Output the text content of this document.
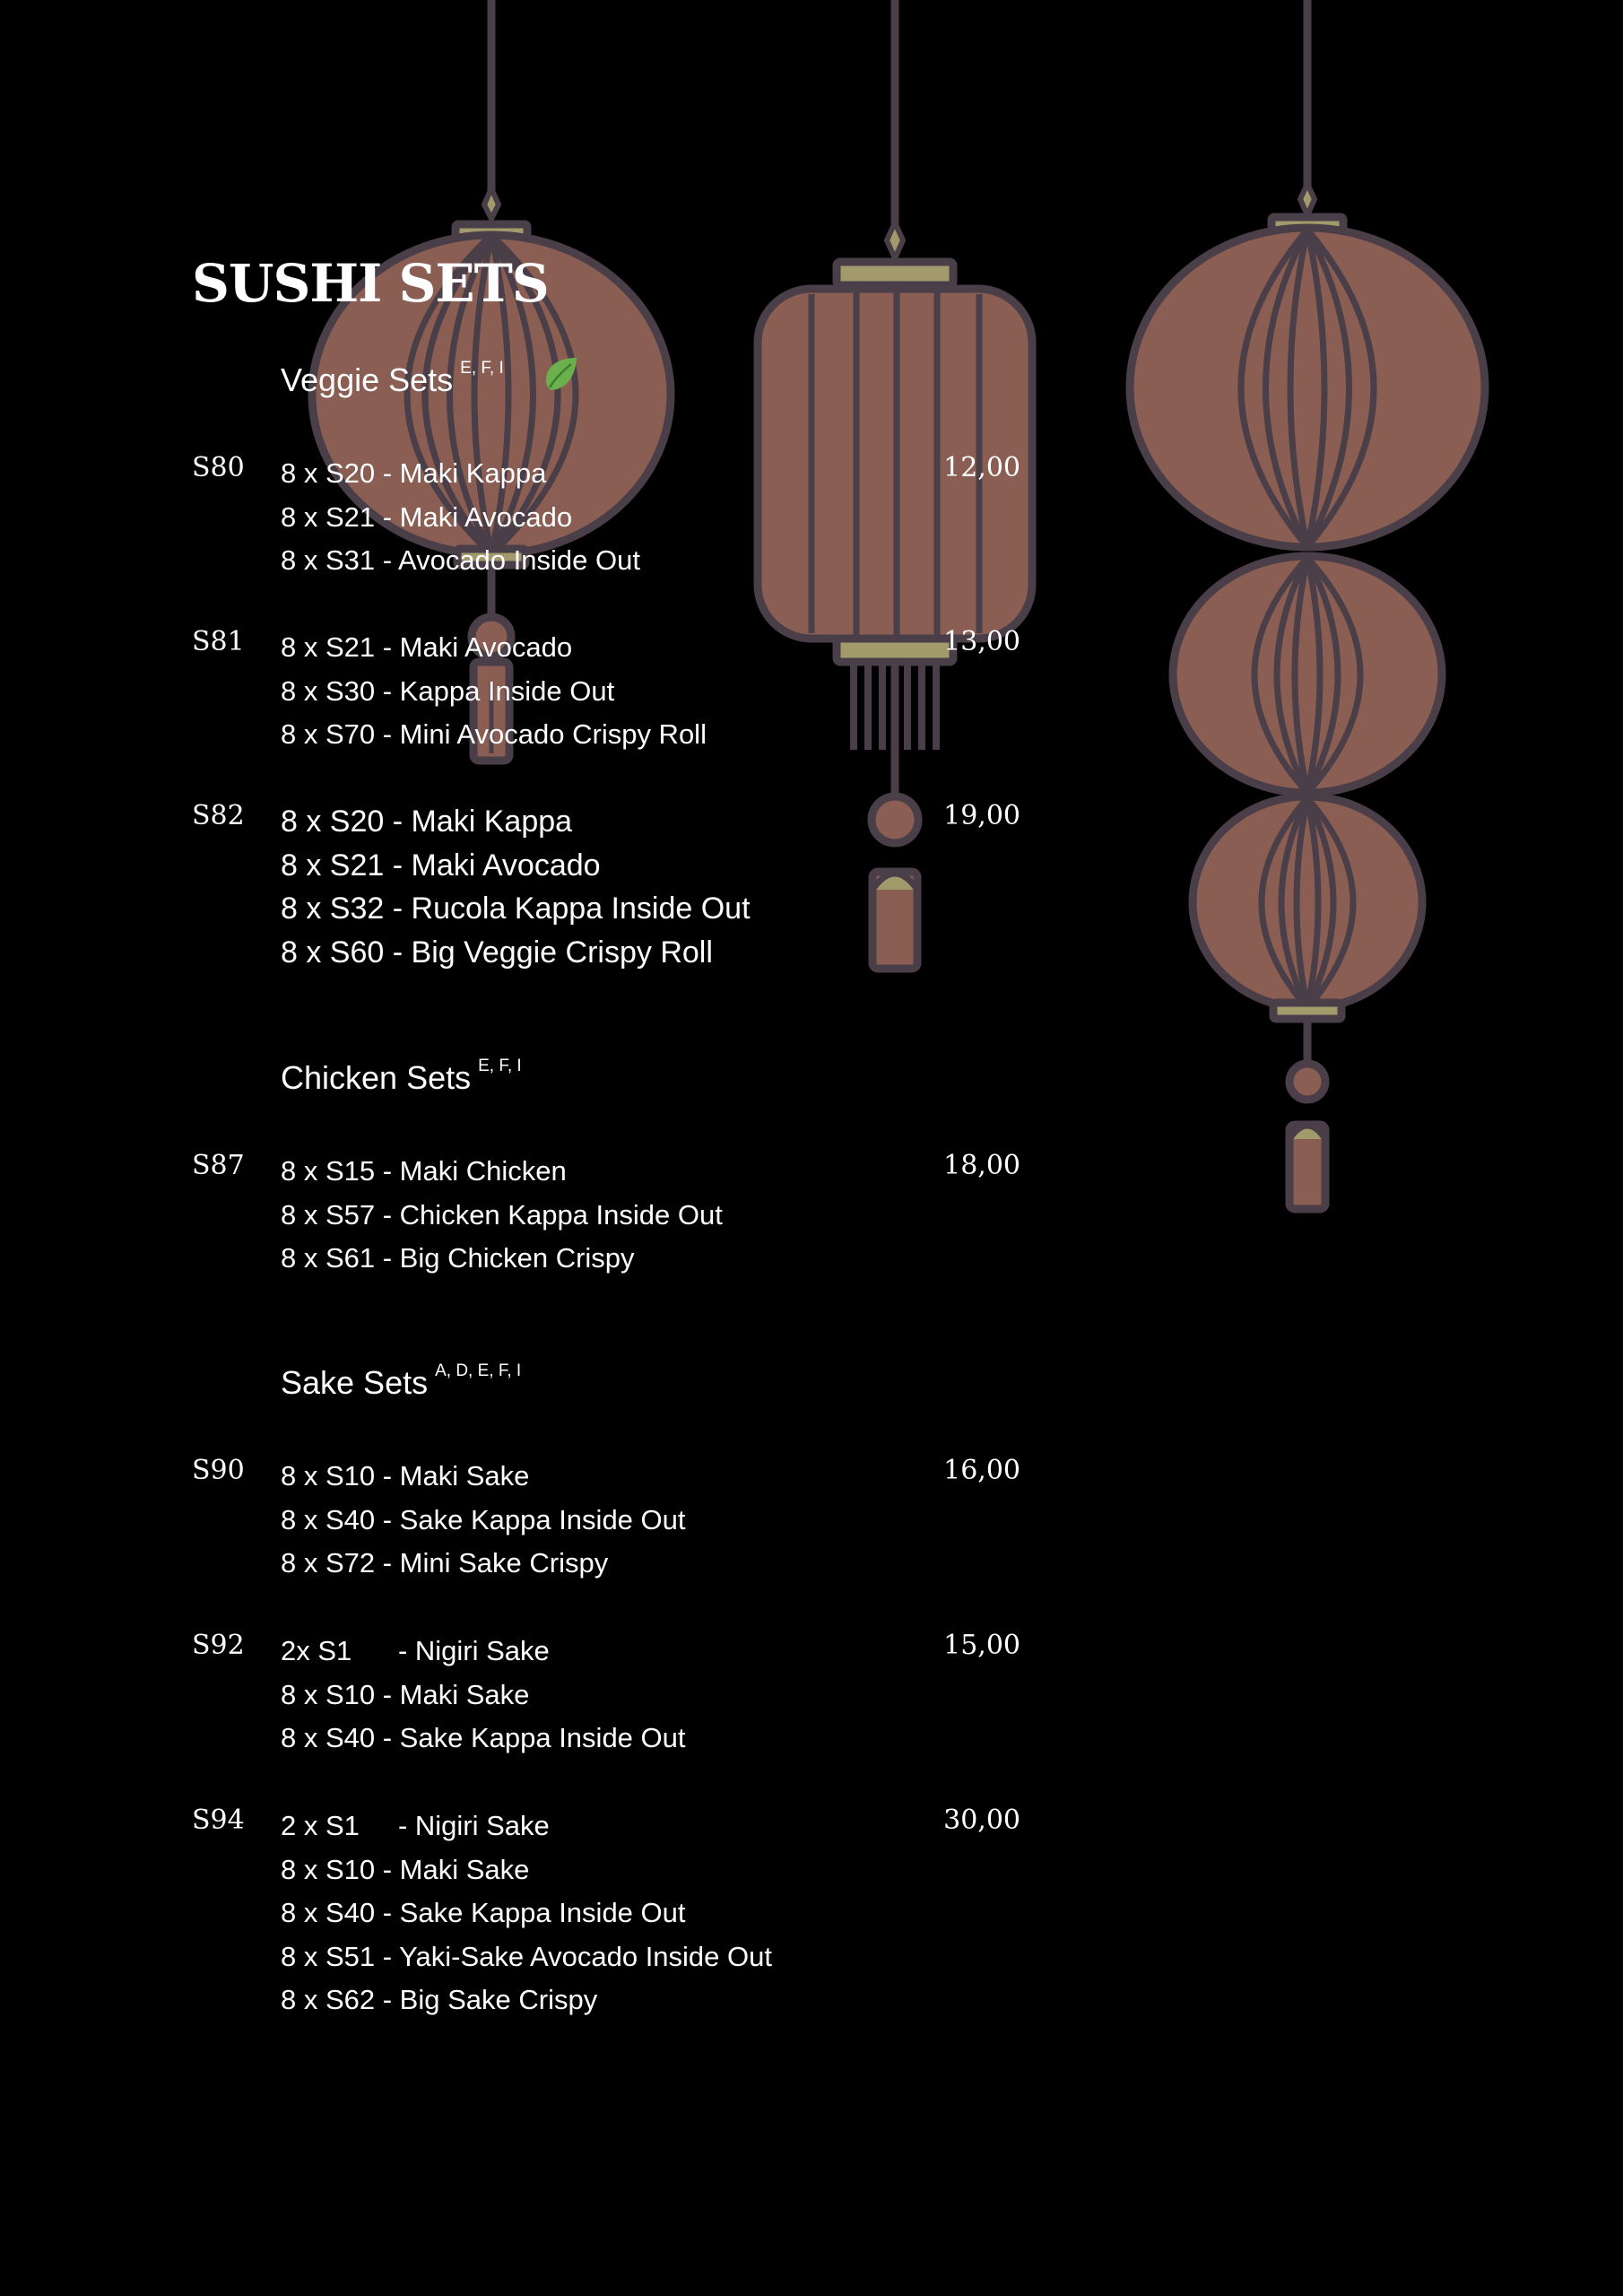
SUSHI SETS
Veggie Sets $^{E, F, I}$
S80 8 x S20 - Maki Kappa
8 x S21 - Maki Avocado
8 x S31 - Avocado Inside Out
12,00
S81 8 x S21 - Maki Avocado
8 x S30 - Kappa Inside Out
8 x S70 - Mini Avocado Crispy Roll
13,00
S82 8 x S20 - Maki Kappa
8 x S21 - Maki Avocado
8 x S32 - Rucola Kappa Inside Out
8 x S60 - Big Veggie Crispy Roll
19,00
Chicken Sets $^{E, F, I}$
S87 8 x S15 - Maki Chicken
8 x S57 - Chicken Kappa Inside Out
8 x S61 - Big Chicken Crispy
18,00
Sake Sets $^{A, D, E, F, I}$
S90 8 x S10 - Maki Sake
8 x S40 - Sake Kappa Inside Out
8 x S72 - Mini Sake Crispy
16,00
S92 2x S1      - Nigiri Sake
8 x S10 - Maki Sake
8 x S40 - Sake Kappa Inside Out
15,00
S94 2 x S1     - Nigiri Sake
8 x S10 - Maki Sake
8 x S40 - Sake Kappa Inside Out
8 x S51 - Yaki-Sake Avocado Inside Out
8 x S62 - Big Sake Crispy
30,00
